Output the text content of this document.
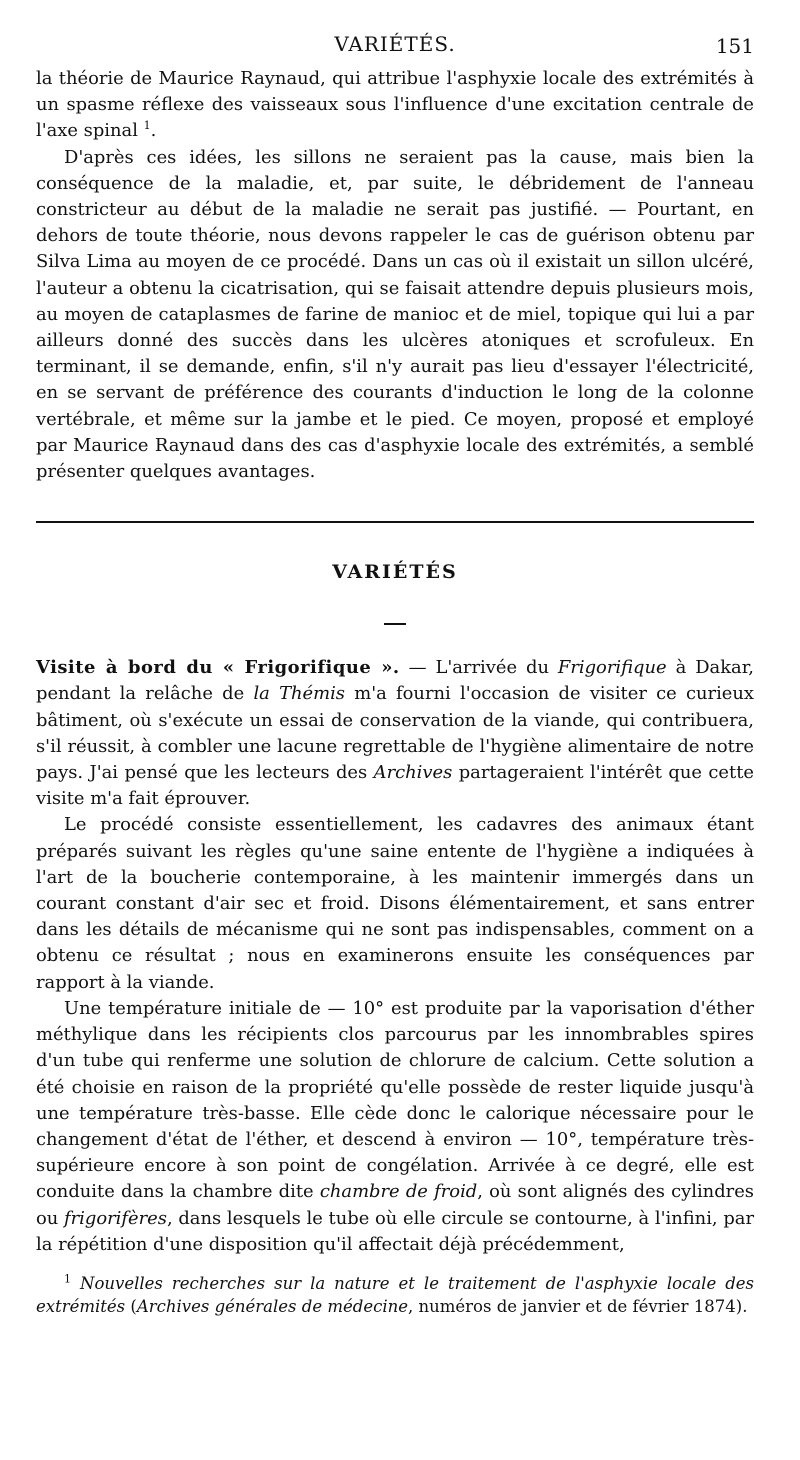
VARIÉTÉS.	151

la théorie de Maurice Raynaud, qui attribue l'asphyxie locale des extrémités à un spasme réflexe des vaisseaux sous l'influence d'une excitation centrale de l'axe spinal $^1$.

D'après ces idées, les sillons ne seraient pas la cause, mais bien la conséquence de la maladie, et, par suite, le débridement de l'anneau constricteur au début de la maladie ne serait pas justifié. — Pourtant, en dehors de toute théorie, nous devons rappeler le cas de guérison obtenu par Silva Lima au moyen de ce procédé. Dans un cas où il existait un sillon ulcéré, l'auteur a obtenu la cicatrisation, qui se faisait attendre depuis plusieurs mois, au moyen de cataplasmes de farine de manioc et de miel, topique qui lui a par ailleurs donné des succès dans les ulcères atoniques et scrofuleux. En terminant, il se demande, enfin, s'il n'y aurait pas lieu d'essayer l'électricité, en se servant de préférence des courants d'induction le long de la colonne vertébrale, et même sur la jambe et le pied. Ce moyen, proposé et employé par Maurice Raynaud dans des cas d'asphyxie locale des extrémités, a semblé présenter quelques avantages.

VARIÉTÉS

Visite à bord du « Frigorifique ». — L'arrivée du Frigorifique à Dakar, pendant la relâche de la Thémis m'a fourni l'occasion de visiter ce curieux bâtiment, où s'exécute un essai de conservation de la viande, qui contribuera, s'il réussit, à combler une lacune regrettable de l'hygiène alimentaire de notre pays. J'ai pensé que les lecteurs des Archives partageraient l'intérêt que cette visite m'a fait éprouver.

Le procédé consiste essentiellement, les cadavres des animaux étant préparés suivant les règles qu'une saine entente de l'hygiène a indiquées à l'art de la boucherie contemporaine, à les maintenir immergés dans un courant constant d'air sec et froid. Disons élémentairement, et sans entrer dans les détails de mécanisme qui ne sont pas indispensables, comment on a obtenu ce résultat ; nous en examinerons ensuite les conséquences par rapport à la viande.

Une température initiale de — 10° est produite par la vaporisation d'éther méthylique dans les récipients clos parcourus par les innombrables spires d'un tube qui renferme une solution de chlorure de calcium. Cette solution a été choisie en raison de la propriété qu'elle possède de rester liquide jusqu'à une température très-basse. Elle cède donc le calorique nécessaire pour le changement d'état de l'éther, et descend à environ — 10°, température très-supérieure encore à son point de congélation. Arrivée à ce degré, elle est conduite dans la chambre dite chambre de froid, où sont alignés des cylindres ou frigorifères, dans lesquels le tube où elle circule se contourne, à l'infini, par la répétition d'une disposition qu'il affectait déjà précédemment,

$^1$ Nouvelles recherches sur la nature et le traitement de l'asphyxie locale des extrémités (Archives générales de médecine, numéros de janvier et de février 1874).
